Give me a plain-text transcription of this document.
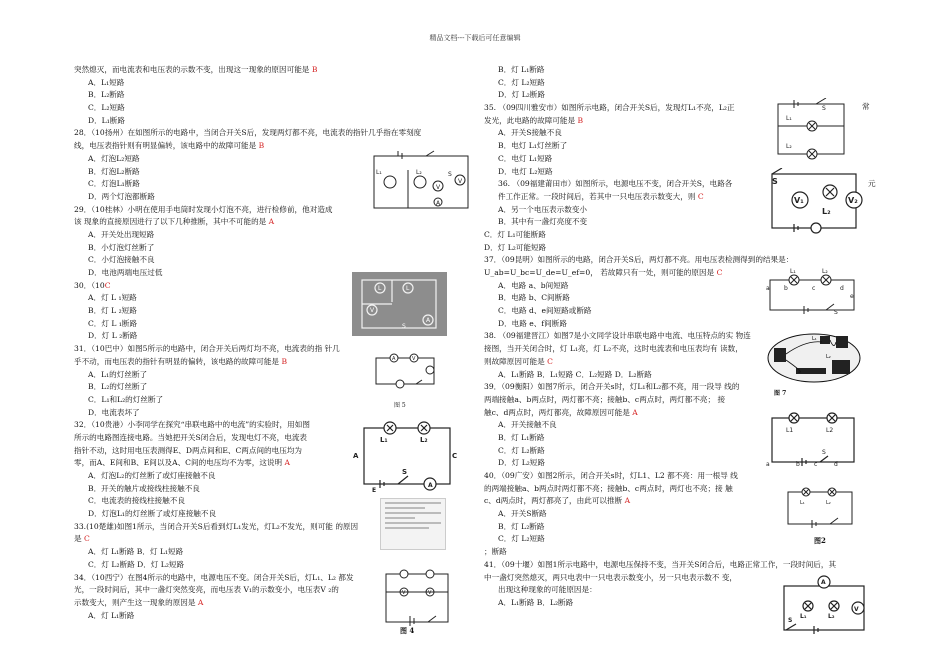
精品文档---下载后可任意编辑
突然熄灭，而电流表和电压表的示数不变，出现这一现象的原因可能是 B
A．L₁短路
B．L₂断路
C．L₂短路
D．L₁断路
28．（10扬州）在如图所示的电路中，当闭合开关S后，发现两灯都不亮，电流表的指针几乎指在零刻度
线，电压表指针则有明显偏转，该电路中的故障可能是 B
A．灯泡L₂短路
B．灯泡L₂断路
C．灯泡L₁断路
D．两个灯泡都断路
29．（10桂林）小明在使用手电筒时发现小灯泡不亮，进行检修前，他对造成
该 现象的直接原因进行了以下几种推断，其中不可能的是 A
A．开关处出现短路
B．小灯泡灯丝断了
C．小灯泡接触不良
D．电池两端电压过低
30．（10C
A．灯 L ₁短路
B．灯 L ₂短路
C．灯 L ₁断路
D．灯 L ₂断路
31．（10巴中）如图5所示的电路中，闭合开关后两灯均不亮，电流表的指 针几
乎不动，而电压表的指针有明显的偏转，该电路的故障可能是 B
A．L₁的灯丝断了
B．L₂的灯丝断了
C．L₁和L₂的灯丝断了
D．电流表坏了
32．（10贵港）小李同学在探究“串联电路中的电流”的实验时，用如图
所示的电路图连接电路。当她把开关S闭合后，发现电灯不亮，电流表
指针不动，这时用电压表测得E、D两点间和E、C两点间的电压均为
零，而A、E间和B、E间以及A、C间的电压均不为零，这说明 A
A．灯泡L₂的灯丝断了或灯座接触不良
B．开关的触片或接线柱接触不良
C．电流表的接线柱接触不良
D．灯泡L₁的灯丝断了或灯座接触不良
33.(10楚雄)如图1所示，当闭合开关S后看到灯L₁发光，灯L₂不发光，则可能 的原因
是 C
A．灯 L₁断路 B．灯 L₁短路
C．灯 L₂断路 D．灯 L₂短路
34．（10西宁）在图4所示的电路中，电源电压不变。闭合开关S后，灯L₁、L₂ 都发
光，一段时间后，其中一盏灯突然变亮，而电压表 V₁的示数变小，电压表V ₂的
示数变大，则产生这一现象的原因是 A
A．灯 L₁断路
B．灯 L₁断路
C．灯 L₂短路
D．灯 L₂断路
35. （09四川雅安市）如图所示电路，闭合开关S后，发现灯L₁不亮，L₂正
发光，此电路的故障可能是 B
A．开关S接触不良
B．电灯 L₁灯丝断了
C．电灯 L₁短路
D．电灯 L₂短路
36. （09福建莆田市）如图所示，电源电压不变，闭合开关S，电路各
件工作正常。一段时间后，若其中一只电压表示数变大，则 C
A．另一个电压表示数变小
B．其中有一盏灯亮度不变
C．灯 L₁可能断路
D．灯 L₂可能短路
37．（09昆明）如图所示的电路，闭合开关S后，两灯都不亮。用电压表检测得到的结果是：
U_ab=U_bc=U_de=U_ef=0， 若故障只有一处，则可能的原因是 C
A．电路 a、b间短路
B．电路 b、C间断路
C．电路 d、e间短路或断路
D．电路 e、f间断路
38. （09福建晋江）如图7是小文同学设计串联电路中电流、电压特点的实 物连
接图，当开关闭合时，灯 L₁亮，灯 L₂不亮，这时电流表和电压表均有 读数，
则故障原因可能是 C
A．L₁断路 B．L₁短路 C．L₂短路 D．L₂断路
39．（09衡阳）如图7所示，闭合开关s时，灯L₁和L₂都不亮，用一段导 线的
两端接触a、b两点时，两灯都不亮；接触b、c两点时，两灯都不亮； 接
触c、d两点时，两灯都亮，故障原因可能是 A
A．开关接触不良
B．灯 L₁断路
C．灯 L₂断路
D．灯 L₂短路
40．（09广安）如图2所示，闭合开关s时，灯L1、L2 都不亮：用一根导 线
的两端接触a、b两点时两灯都不亮；接触b、c两点时，两灯也不亮；接 触
c、d两点时，两灯都亮了，由此可以推断 A
A．开关S断路
B．灯 L₂断路
C．灯 L₂短路
；断路
41．（09十堰）如图1所示电路中，电源电压保持不变，当开关S闭合后，电路正常工作，一段时间后，其
中一盏灯突然熄灭，两只电表中一只电表示数变小，另一只电表示数不 变，
出现这种现象的可能原因是：
A．L₁断路 B．L₂断路
L₁	L₂
V
V
A
S
L	L
V
A
S
A	V
图 5
L₁	L₂
A	C
S
A
E
V	V
图 4
L₁
L₂
S	常
V₁	V₂
L₂
S	元
L₁	L₂
a b	c	d
e
S
L₁
L₂
图 7
L1	L2
a	b c	d
S
L₁	L₂
图2
A
V
L₁	L₂
S
